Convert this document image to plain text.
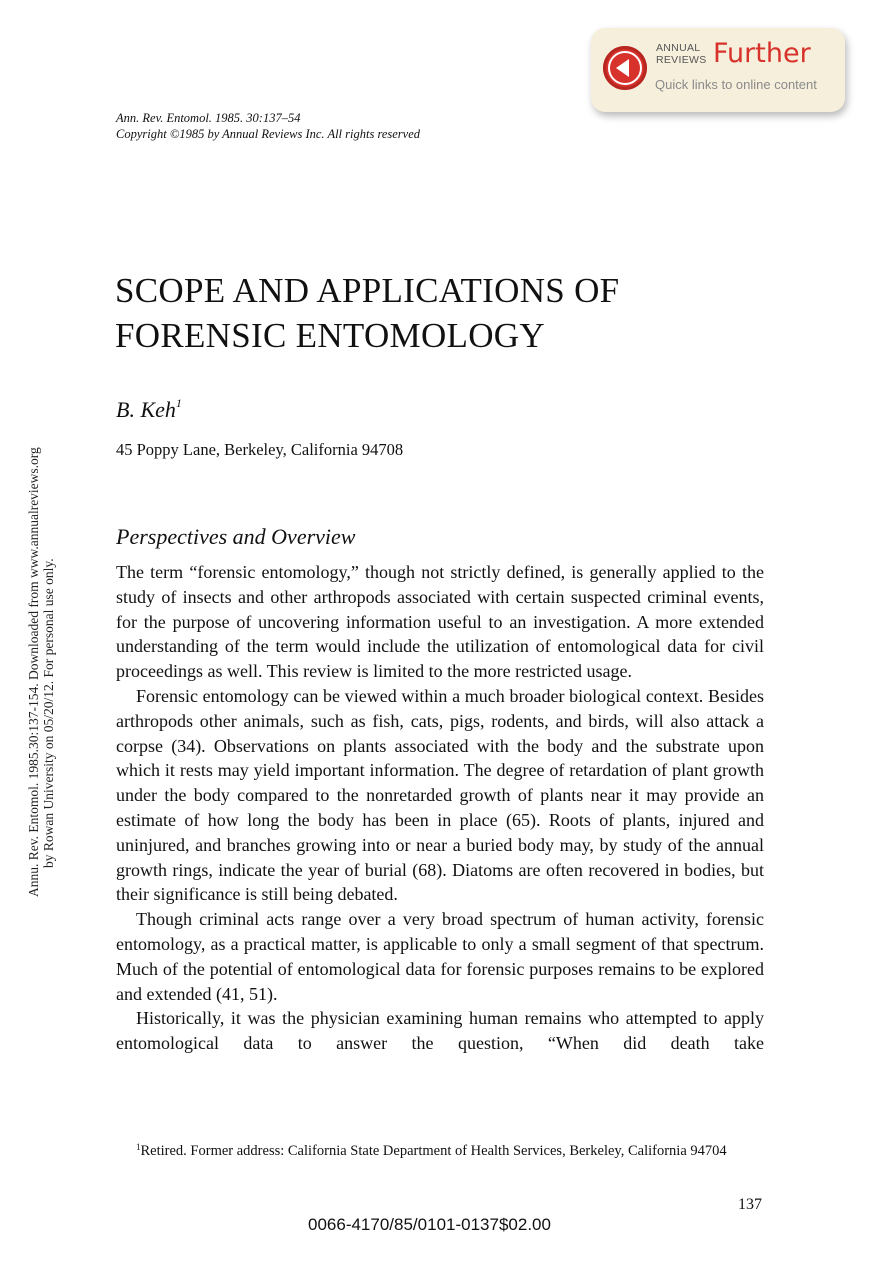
ANNUAL
REVIEWS Further
Quick links to online content
Ann. Rev. Entomol. 1985. 30:137–54
Copyright ©1985 by Annual Reviews Inc. All rights reserved
Annu. Rev. Entomol. 1985.30:137-154. Downloaded from www.annualreviews.org by Rowan University on 05/20/12. For personal use only.
SCOPE AND APPLICATIONS OF
FORENSIC ENTOMOLOGY
B. Keh$^1$
45 Poppy Lane, Berkeley, California 94708
Perspectives and Overview

The term “forensic entomology,” though not strictly defined, is generally applied to the study of insects and other arthropods associated with certain suspected criminal events, for the purpose of uncovering information useful to an investigation. A more extended understanding of the term would include the utilization of entomological data for civil proceedings as well. This review is limited to the more restricted usage.

Forensic entomology can be viewed within a much broader biological context. Besides arthropods other animals, such as fish, cats, pigs, rodents, and birds, will also attack a corpse (34). Observations on plants associated with the body and the substrate upon which it rests may yield important information. The degree of retardation of plant growth under the body compared to the nonretarded growth of plants near it may provide an estimate of how long the body has been in place (65). Roots of plants, injured and uninjured, and branches growing into or near a buried body may, by study of the annual growth rings, indicate the year of burial (68). Diatoms are often recovered in bodies, but their significance is still being debated.

Though criminal acts range over a very broad spectrum of human activity, forensic entomology, as a practical matter, is applicable to only a small segment of that spectrum. Much of the potential of entomological data for forensic purposes remains to be explored and extended (41, 51).

Historically, it was the physician examining human remains who attempted to apply entomological data to answer the question, “When did death take

$^1$Retired. Former address: California State Department of Health Services, Berkeley, California 94704
137
0066-4170/85/0101-0137$02.00
